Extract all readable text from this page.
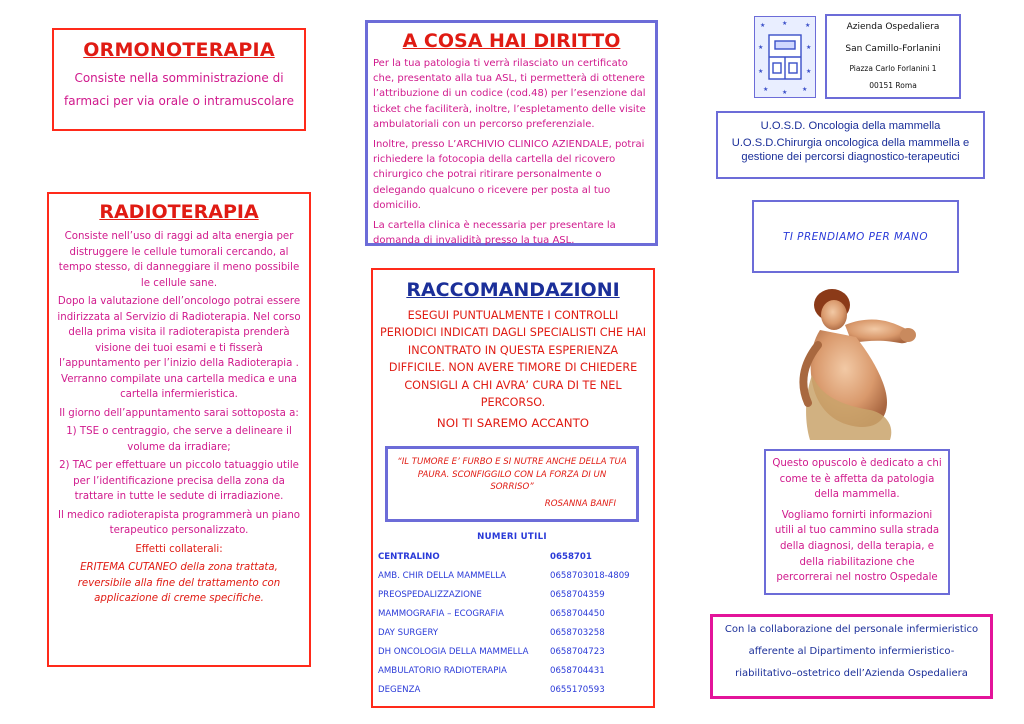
ORMONOTERAPIA
Consiste nella somministrazione di farmaci per via orale o intramuscolare
RADIOTERAPIA

Consiste nell’uso di raggi ad alta energia per distruggere le cellule tumorali cercando, al tempo stesso, di danneggiare il meno possibile le cellule sane.

Dopo la valutazione dell’oncologo potrai essere indirizzata al Servizio di Radioterapia. Nel corso della prima visita il radioterapista prenderà visione dei tuoi esami e ti fisserà l’appuntamento per l’inizio della Radioterapia . Verranno compilate una cartella medica e una cartella infermieristica.

Il giorno dell’appuntamento sarai sottoposta a:

1) TSE o centraggio, che serve a delineare il volume da irradiare;

2) TAC per effettuare un piccolo tatuaggio utile per l’identificazione precisa della zona da trattare in tutte le sedute di irradiazione.

Il medico radioterapista programmerà un piano terapeutico personalizzato.

Effetti collaterali:

ERITEMA CUTANEO della zona trattata, reversibile alla fine del trattamento con applicazione di creme specifiche.

A COSA HAI DIRITTO

Per la tua patologia ti verrà rilasciato un certificato che, presentato alla tua ASL, ti permetterà di ottenere l’attribuzione di un codice (cod.48) per l’esenzione dal ticket che faciliterà, inoltre, l’espletamento delle visite ambulatoriali con un percorso preferenziale.

Inoltre, presso L’ARCHIVIO CLINICO AZIENDALE, potrai richiedere la fotocopia della cartella del ricovero chirurgico che potrai ritirare personalmente o delegando qualcuno o ricevere per posta al tuo domicilio.

La cartella clinica è necessaria per presentare la domanda di invalidità presso la tua ASL.

RACCOMANDAZIONI
ESEGUI PUNTUALMENTE I CONTROLLI PERIODICI INDICATI DAGLI SPECIALISTI CHE HAI INCONTRATO IN QUESTA ESPERIENZA DIFFICILE. NON AVERE TIMORE DI CHIEDERE CONSIGLI A CHI AVRA’ CURA DI TE NEL PERCORSO.
NOI TI SAREMO ACCANTO
“IL TUMORE E’ FURBO E SI NUTRE ANCHE DELLA TUA PAURA. SCONFIGGILO CON LA FORZA DI UN SORRISO”
ROSANNA BANFI
NUMERI UTILI
CENTRALINO	0658701
AMB. CHIR DELLA MAMMELLA	0658703018-4809
PREOSPEDALIZZAZIONE	0658704359
MAMMOGRAFIA – ECOGRAFIA	0658704450
DAY SURGERY	0658703258
DH ONCOLOGIA DELLA MAMMELLA	0658704723
AMBULATORIO RADIOTERAPIA	0658704431
DEGENZA	0655170593
★	★	★
★	★
★	★
★ ★ ★
Azienda Ospedaliera
San Camillo-Forlanini
Piazza Carlo Forlanini 1
00151 Roma

U.O.S.D. Oncologia della mammella

U.O.S.D.Chirurgia oncologica della mammella e gestione dei percorsi diagnostico-terapeutici

TI PRENDIAMO PER MANO

Questo opuscolo è dedicato a chi come te è affetta da patologia della mammella.

Vogliamo fornirti informazioni utili al tuo cammino sulla strada della diagnosi, della terapia, e della riabilitazione che percorrerai nel nostro Ospedale

Con la collaborazione del personale infermieristico
afferente al Dipartimento infermieristico-
riabilitativo–ostetrico dell’Azienda Ospedaliera
